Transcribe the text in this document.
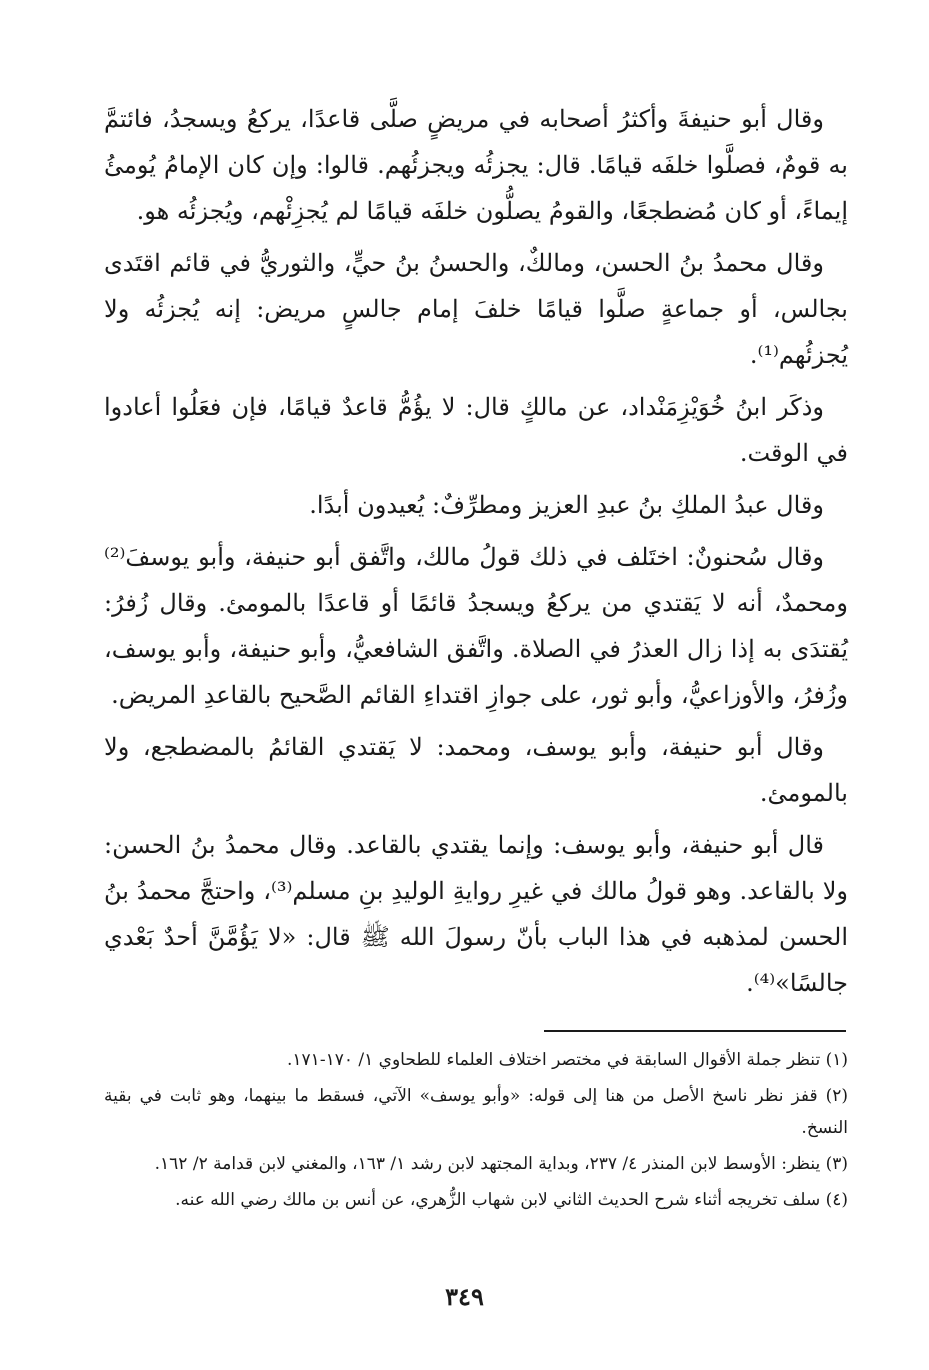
وقال أبو حنيفةَ وأكثرُ أصحابه في مريضٍ صلَّى قاعدًا، يركعُ ويسجدُ، فائتمَّ به قومٌ، فصلَّوا خلفَه قيامًا. قال: يجزئُه ويجزئُهم. قالوا: وإن كان الإمامُ يُومئُ إيماءً، أو كان مُضطجعًا، والقومُ يصلُّون خلفَه قيامًا لم يُجزِئْهم، ويُجزئُه هو.

وقال محمدُ بنُ الحسن، ومالكٌ، والحسنُ بنُ حيٍّ، والثوريُّ في قائم اقتَدى بجالس، أو جماعةٍ صلَّوا قيامًا خلفَ إمام جالسٍ مريض: إنه يُجزئُه ولا يُجزئُهم⁽¹⁾.

وذكَر ابنُ خُوَيْزِمَنْداد، عن مالكٍ قال: لا يؤُمُّ قاعدٌ قيامًا، فإن فعَلُوا أعادوا في الوقت.

وقال عبدُ الملكِ بنُ عبدِ العزيز ومطرِّفٌ: يُعيدون أبدًا.

وقال سُحنونٌ: اختَلف في ذلك قولُ مالك، واتَّفق أبو حنيفة، وأبو يوسفَ⁽²⁾ ومحمدٌ، أنه لا يَقتدي من يركعُ ويسجدُ قائمًا أو قاعدًا بالمومئ. وقال زُفرُ: يُقتدَى به إذا زال العذرُ في الصلاة. واتَّفق الشافعيُّ، وأبو حنيفة، وأبو يوسف، وزُفرُ، والأوزاعيُّ، وأبو ثور، على جوازِ اقتداءِ القائم الصَّحيح بالقاعدِ المريض.

وقال أبو حنيفة، وأبو يوسف، ومحمد: لا يَقتدي القائمُ بالمضطجع، ولا بالمومئ.

قال أبو حنيفة، وأبو يوسف: وإنما يقتدي بالقاعد. وقال محمدُ بنُ الحسن: ولا بالقاعد. وهو قولُ مالك في غيرِ روايةِ الوليدِ بنِ مسلم⁽³⁾، واحتجَّ محمدُ بنُ الحسن لمذهبه في هذا الباب بأنّ رسولَ الله ﷺ قال: «لا يَؤُمَّنَّ أحدٌ بَعْدي جالسًا»⁽⁴⁾.

(١) تنظر جملة الأقوال السابقة في مختصر اختلاف العلماء للطحاوي ١/ ١٧٠-١٧١.

(٢) قفز نظر ناسخ الأصل من هنا إلى قوله: «وأبو يوسف» الآتي، فسقط ما بينهما، وهو ثابت في بقية النسخ.

(٣) ينظر: الأوسط لابن المنذر ٤/ ٢٣٧، وبداية المجتهد لابن رشد ١/ ١٦٣، والمغني لابن قدامة ٢/ ١٦٢.

(٤) سلف تخريجه أثناء شرح الحديث الثاني لابن شهاب الزُّهري، عن أنس بن مالك رضي الله عنه.

٣٤٩
